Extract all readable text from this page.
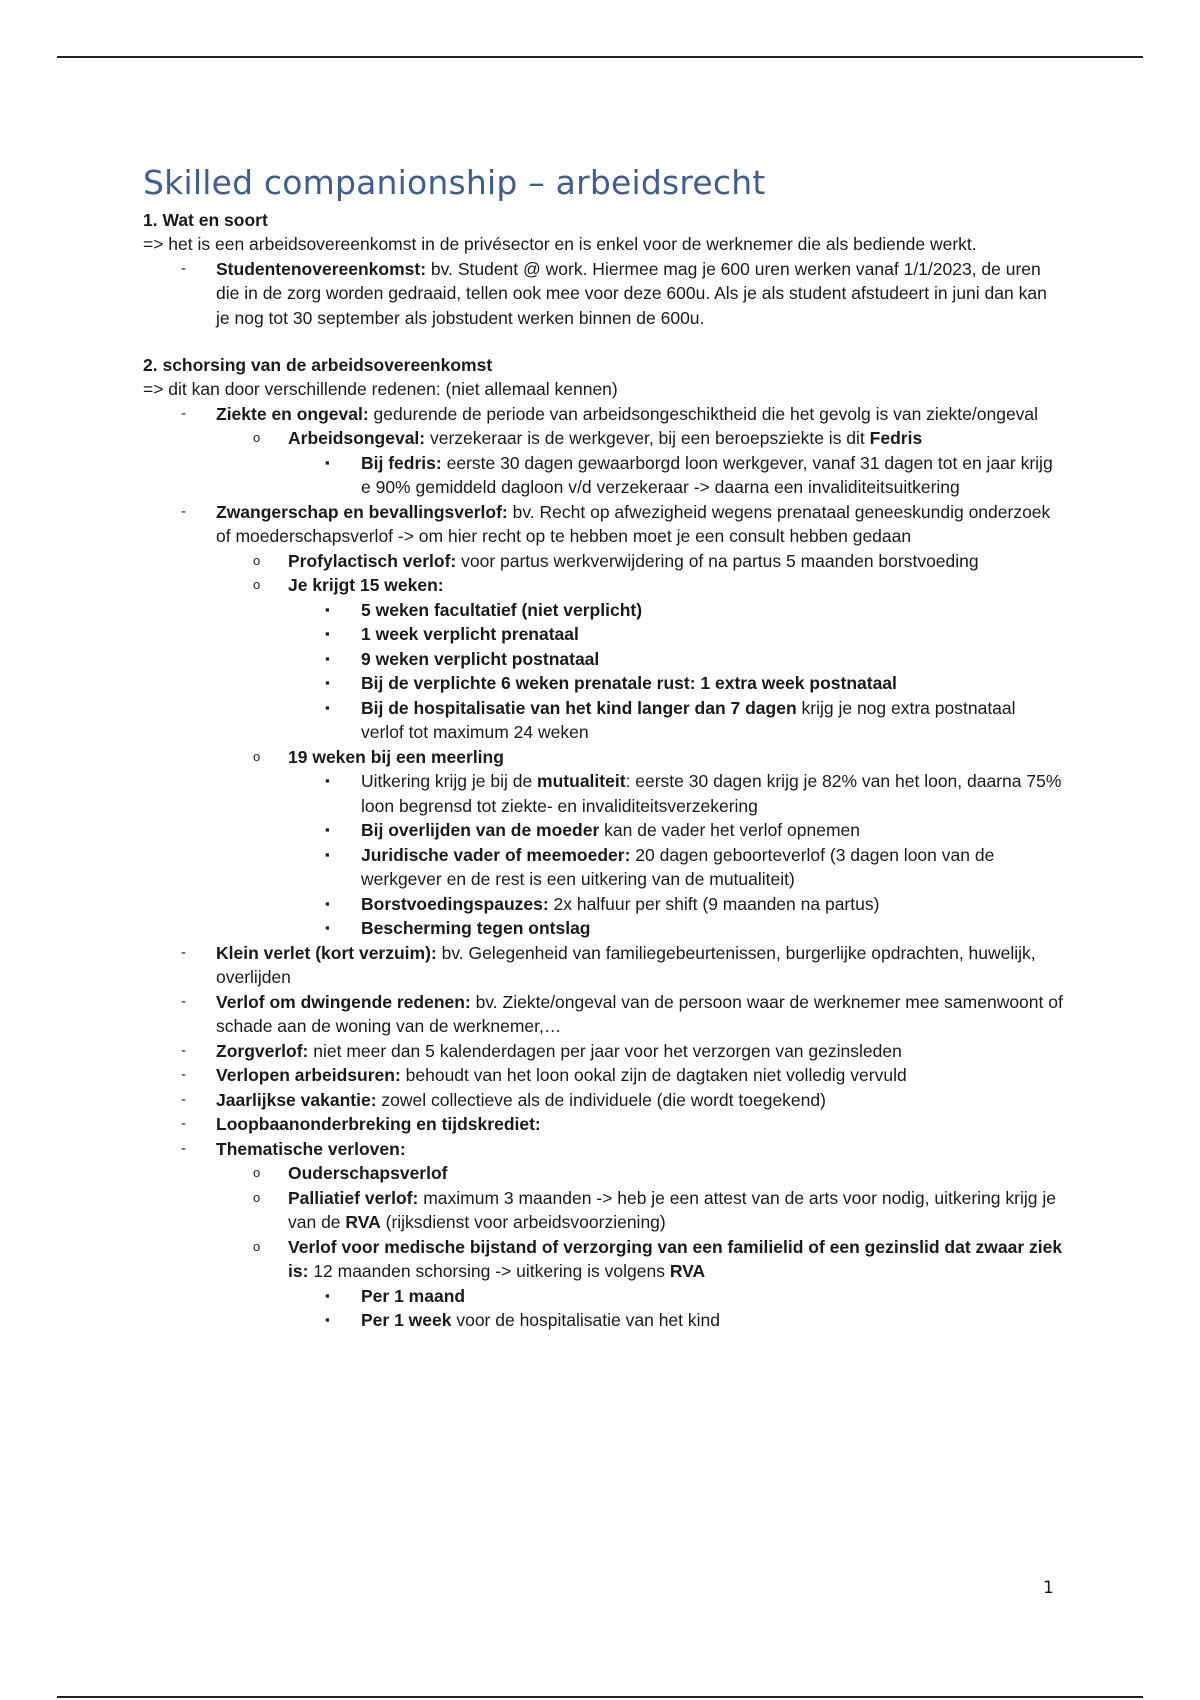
Skilled companionship – arbeidsrecht
1. Wat en soort
=> het is een arbeidsovereenkomst in de privésector en is enkel voor de werknemer die als bediende werkt.
- Studentenovereenkomst: bv. Student @ work. Hiermee mag je 600 uren werken vanaf 1/1/2023, de uren die in de zorg worden gedraaid, tellen ook mee voor deze 600u. Als je als student afstudeert in juni dan kan je nog tot 30 september als jobstudent werken binnen de 600u.
2. schorsing van de arbeidsovereenkomst
=> dit kan door verschillende redenen: (niet allemaal kennen)
- Ziekte en ongeval: gedurende de periode van arbeidsongeschiktheid die het gevolg is van ziekte/ongeval
o Arbeidsongeval: verzekeraar is de werkgever, bij een beroepsziekte is dit Fedris
▪ Bij fedris: eerste 30 dagen gewaarborgd loon werkgever, vanaf 31 dagen tot en jaar krijg e 90% gemiddeld dagloon v/d verzekeraar -> daarna een invaliditeitsuitkering
- Zwangerschap en bevallingsverlof: bv. Recht op afwezigheid wegens prenataal geneeskundig onderzoek of moederschapsverlof -> om hier recht op te hebben moet je een consult hebben gedaan
o Profylactisch verlof: voor partus werkverwijdering of na partus 5 maanden borstvoeding
o Je krijgt 15 weken:
▪ 5 weken facultatief (niet verplicht)
▪ 1 week verplicht prenataal
▪ 9 weken verplicht postnataal
▪ Bij de verplichte 6 weken prenatale rust: 1 extra week postnataal
▪ Bij de hospitalisatie van het kind langer dan 7 dagen krijg je nog extra postnataal verlof tot maximum 24 weken
o 19 weken bij een meerling
▪ Uitkering krijg je bij de mutualiteit: eerste 30 dagen krijg je 82% van het loon, daarna 75% loon begrensd tot ziekte- en invaliditeitsverzekering
▪ Bij overlijden van de moeder kan de vader het verlof opnemen
▪ Juridische vader of meemoeder: 20 dagen geboorteverlof (3 dagen loon van de werkgever en de rest is een uitkering van de mutualiteit)
▪ Borstvoedingspauzes: 2x halfuur per shift (9 maanden na partus)
▪ Bescherming tegen ontslag
- Klein verlet (kort verzuim): bv. Gelegenheid van familiegebeurtenissen, burgerlijke opdrachten, huwelijk, overlijden
- Verlof om dwingende redenen: bv. Ziekte/ongeval van de persoon waar de werknemer mee samenwoont of schade aan de woning van de werknemer,…
- Zorgverlof: niet meer dan 5 kalenderdagen per jaar voor het verzorgen van gezinsleden
- Verlopen arbeidsuren: behoudt van het loon ookal zijn de dagtaken niet volledig vervuld
- Jaarlijkse vakantie: zowel collectieve als de individuele (die wordt toegekend)
- Loopbaanonderbreking en tijdskrediet:
- Thematische verloven:
o Ouderschapsverlof
o Palliatief verlof: maximum 3 maanden -> heb je een attest van de arts voor nodig, uitkering krijg je van de RVA (rijksdienst voor arbeidsvoorziening)
o Verlof voor medische bijstand of verzorging van een familielid of een gezinslid dat zwaar ziek is: 12 maanden schorsing -> uitkering is volgens RVA
▪ Per 1 maand
▪ Per 1 week voor de hospitalisatie van het kind
1
